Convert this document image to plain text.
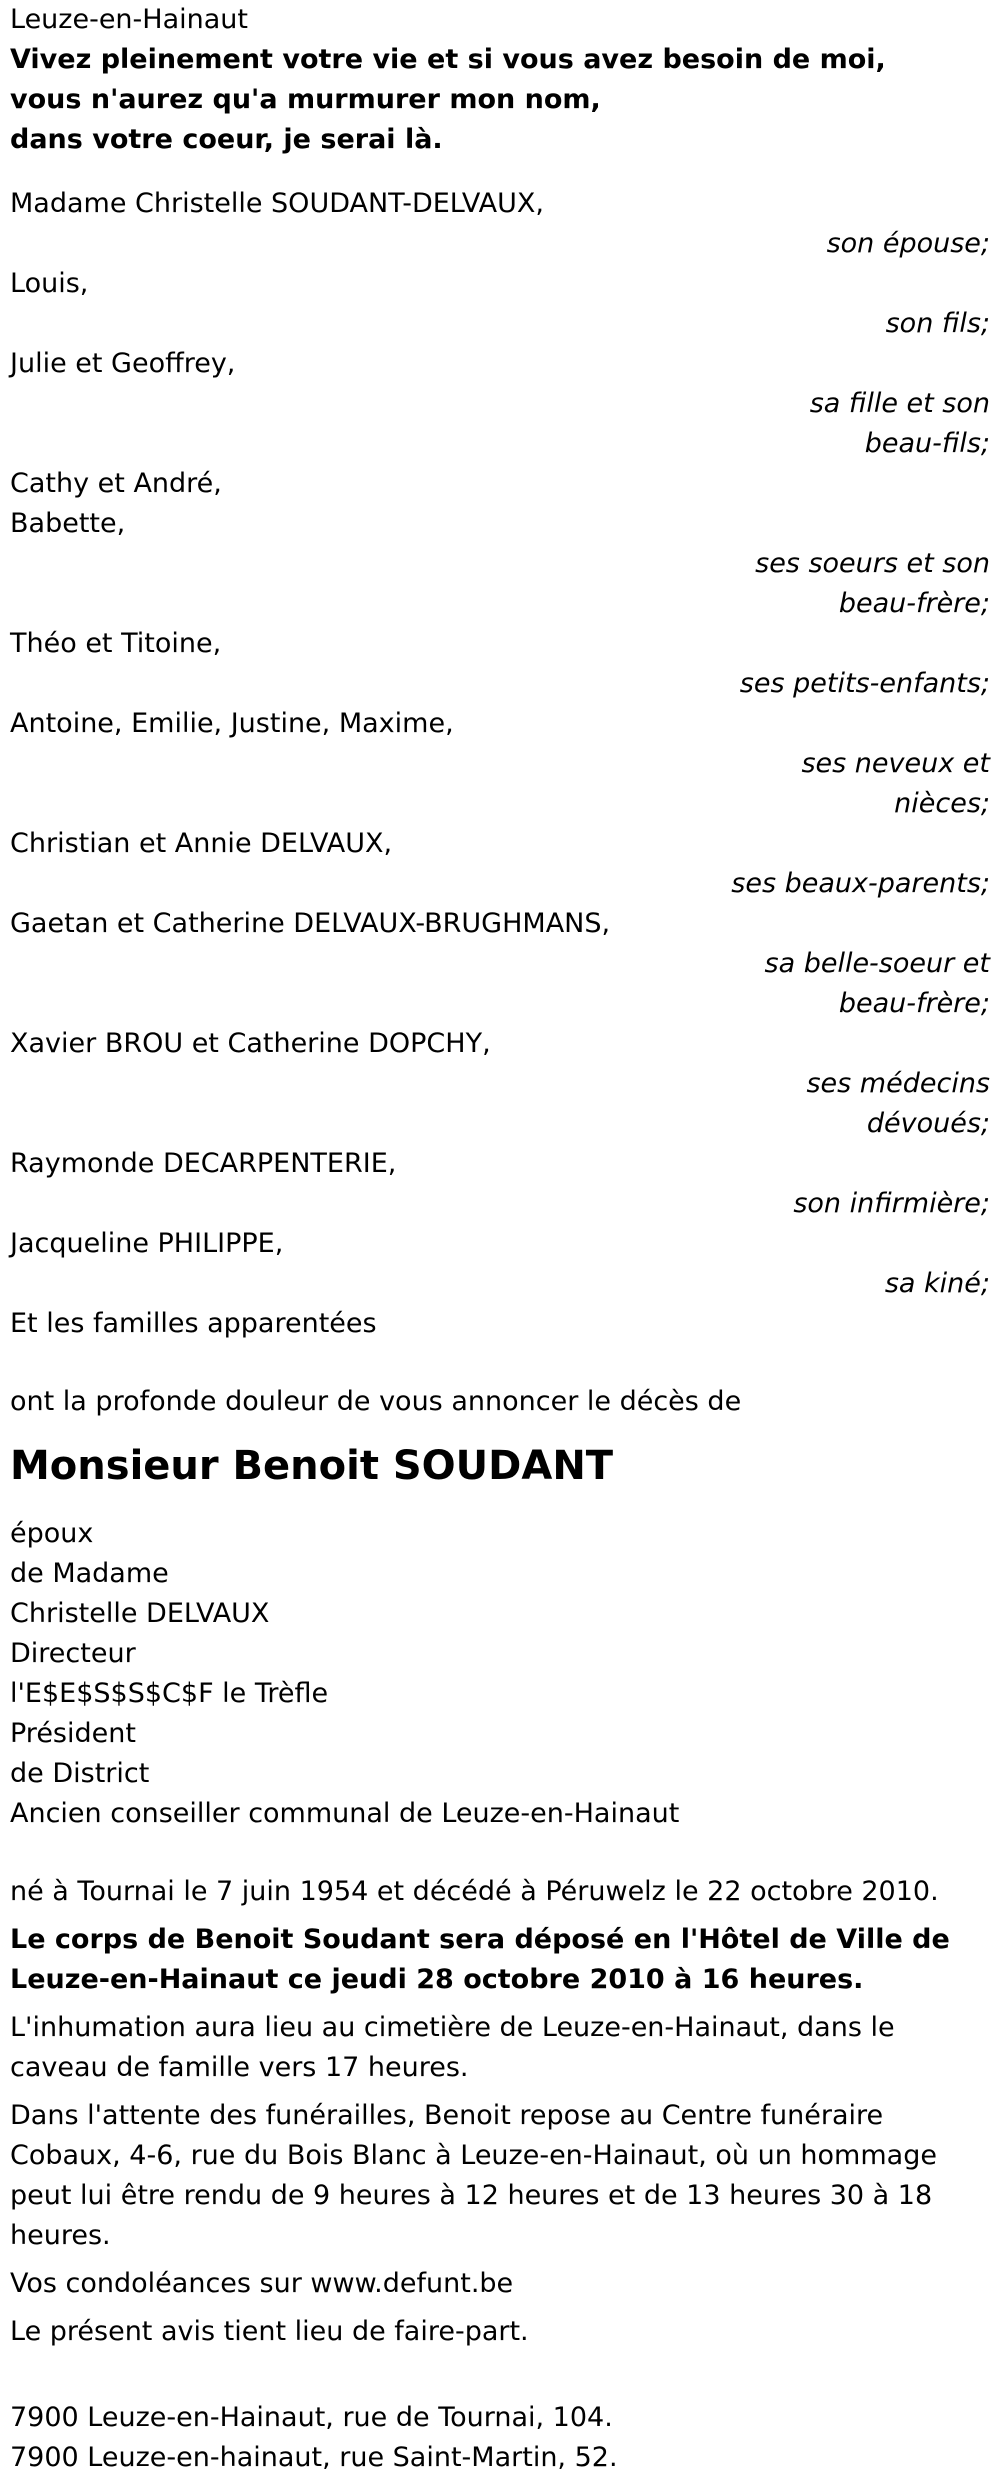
Leuze-en-Hainaut

Vivez pleinement votre vie et si vous avez besoin de moi,

vous n'aurez qu'a murmurer mon nom,

dans votre coeur, je serai là.

Madame Christelle SOUDANT-DELVAUX,

son épouse;

Louis,

son fils;

Julie et Geoffrey,

sa fille et son

beau-fils;

Cathy et André,

Babette,

ses soeurs et son

beau-frère;

Théo et Titoine,

ses petits-enfants;

Antoine, Emilie, Justine, Maxime,

ses neveux et

nièces;

Christian et Annie DELVAUX,

ses beaux-parents;

Gaetan et Catherine DELVAUX-BRUGHMANS,

sa belle-soeur et

beau-frère;

Xavier BROU et Catherine DOPCHY,

ses médecins

dévoués;

Raymonde DECARPENTERIE,

son infirmière;

Jacqueline PHILIPPE,

sa kiné;

Et les familles apparentées

ont la profonde douleur de vous annoncer le décès de

Monsieur Benoit SOUDANT

époux

de Madame

Christelle DELVAUX

Directeur

l'E$E$S$S$C$F le Trèfle

Président

de District

Ancien conseiller communal de Leuze-en-Hainaut

né à Tournai le 7 juin 1954 et décédé à Péruwelz le 22 octobre 2010.

Le corps de Benoit Soudant sera déposé en l'Hôtel de Ville de Leuze-en-Hainaut ce jeudi 28 octobre 2010 à 16 heures.

L'inhumation aura lieu au cimetière de Leuze-en-Hainaut, dans le caveau de famille vers 17 heures.

Dans l'attente des funérailles, Benoit repose au Centre funéraire Cobaux, 4-6, rue du Bois Blanc à Leuze-en-Hainaut, où un hommage peut lui être rendu de 9 heures à 12 heures et de 13 heures 30 à 18 heures.

Vos condoléances sur www.defunt.be

Le présent avis tient lieu de faire-part.

7900 Leuze-en-Hainaut, rue de Tournai, 104.

7900 Leuze-en-hainaut, rue Saint-Martin, 52.
